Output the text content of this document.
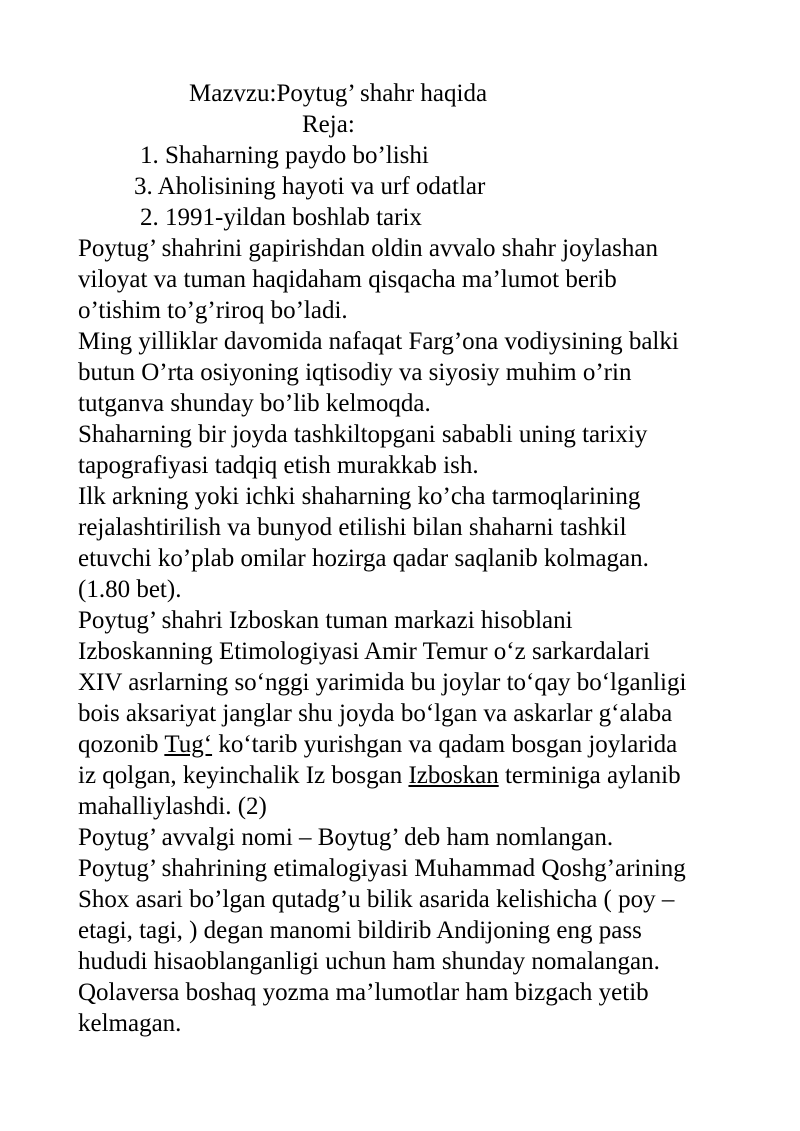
Mazvzu:Poytug’ shahr haqida
Reja:
1. Shaharning paydo bo’lishi
3. Aholisining hayoti va urf odatlar
2. 1991-yildan boshlab tarix

Poytug’ shahrini gapirishdan oldin avvalo shahr joylashan
viloyat va tuman haqidaham qisqacha ma’lumot berib
o’tishim to’g’riroq bo’ladi.

Ming yilliklar davomida nafaqat Farg’ona vodiysining balki
butun O’rta osiyoning iqtisodiy va siyosiy muhim o’rin
tutganva shunday bo’lib kelmoqda.

Shaharning bir joyda tashkiltopgani sababli uning tarixiy
tapografiyasi tadqiq etish murakkab ish.

Ilk arkning yoki ichki shaharning ko’cha tarmoqlarining
rejalashtirilish va bunyod etilishi bilan shaharni tashkil
etuvchi ko’plab omilar hozirga qadar saqlanib kolmagan.
(1.80 bet).

Poytug’ shahri Izboskan tuman markazi hisoblani
Izboskanning Etimologiyasi Amir Temur o‘z sarkardalari
XIV asrlarning so‘nggi yarimida bu joylar to‘qay bo‘lganligi
bois aksariyat janglar shu joyda bo‘lgan va askarlar g‘alaba
qozonib Tug‘ ko‘tarib yurishgan va qadam bosgan joylarida
iz qolgan, keyinchalik Iz bosgan Izboskan terminiga aylanib
mahalliylashdi. (2)

Poytug’ avvalgi nomi – Boytug’ deb ham nomlangan.

Poytug’ shahrining etimalogiyasi Muhammad Qoshg’arining
Shox asari bo’lgan qutadg’u bilik asarida kelishicha ( poy –
etagi, tagi, ) degan manomi bildirib Andijoning eng pass
hududi hisaoblanganligi uchun ham shunday nomalangan.
Qolaversa boshaq yozma ma’lumotlar ham bizgach yetib
kelmagan.
